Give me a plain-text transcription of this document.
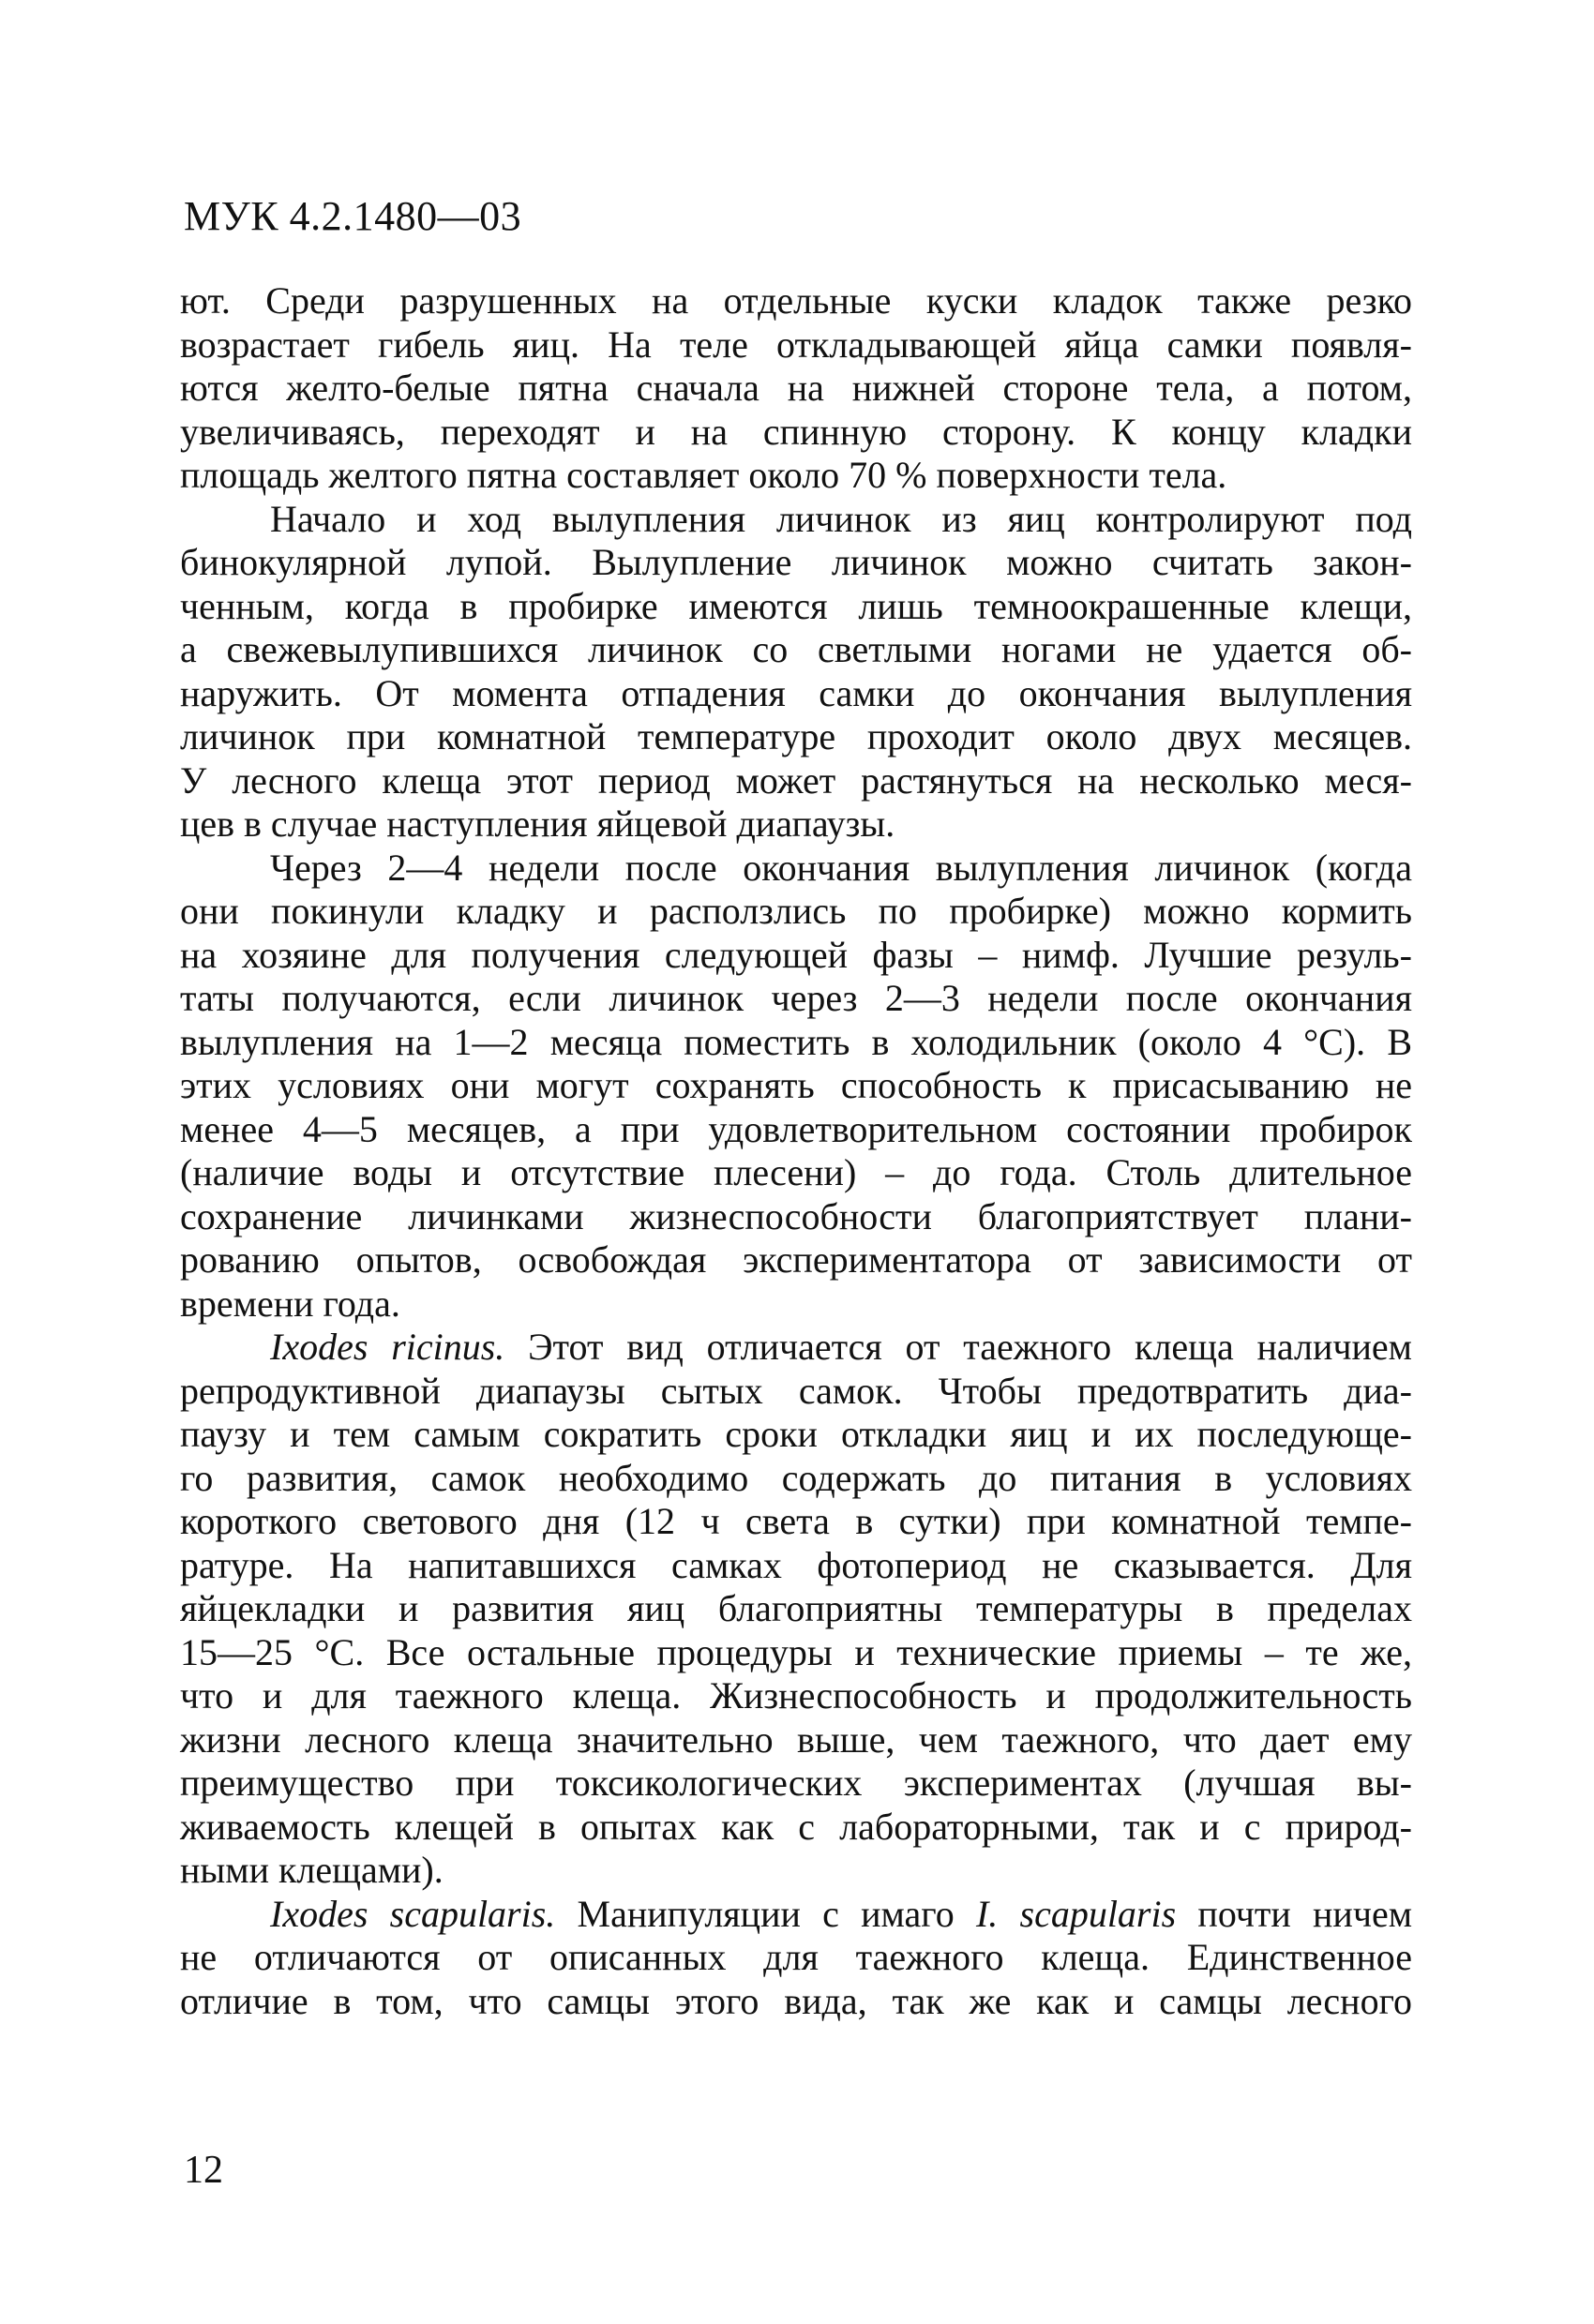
МУК 4.2.1480—03
ют. Среди разрушенных на отдельные куски кладок также резко
возрастает гибель яиц. На теле откладывающей яйца самки появля-
ются желто-белые пятна сначала на нижней стороне тела, а потом,
увеличиваясь, переходят и на спинную сторону. К концу кладки
площадь желтого пятна составляет около 70 % поверхности тела.
Начало и ход вылупления личинок из яиц контролируют под
бинокулярной лупой. Вылупление личинок можно считать закон-
ченным, когда в пробирке имеются лишь темноокрашенные клещи,
а свежевылупившихся личинок со светлыми ногами не удается об-
наружить. От момента отпадения самки до окончания вылупления
личинок при комнатной температуре проходит около двух месяцев.
У лесного клеща этот период может растянуться на несколько меся-
цев в случае наступления яйцевой диапаузы.
Через 2—4 недели после окончания вылупления личинок (когда
они покинули кладку и расползлись по пробирке) можно кормить
на хозяине для получения следующей фазы – нимф. Лучшие резуль-
таты получаются, если личинок через 2—3 недели после окончания
вылупления на 1—2 месяца поместить в холодильник (около 4 °С). В
этих условиях они могут сохранять способность к присасыванию не
менее 4—5 месяцев, а при удовлетворительном состоянии пробирок
(наличие воды и отсутствие плесени) – до года. Столь длительное
сохранение личинками жизнеспособности благоприятствует плани-
рованию опытов, освобождая экспериментатора от зависимости от
времени года.
Ixodes ricinus. Этот вид отличается от таежного клеща наличием
репродуктивной диапаузы сытых самок. Чтобы предотвратить диа-
паузу и тем самым сократить сроки откладки яиц и их последующе-
го развития, самок необходимо содержать до питания в условиях
короткого светового дня (12 ч света в сутки) при комнатной темпе-
ратуре. На напитавшихся самках фотопериод не сказывается. Для
яйцекладки и развития яиц благоприятны температуры в пределах
15—25 °С. Все остальные процедуры и технические приемы – те же,
что и для таежного клеща. Жизнеспособность и продолжительность
жизни лесного клеща значительно выше, чем таежного, что дает ему
преимущество при токсикологических экспериментах (лучшая вы-
живаемость клещей в опытах как с лабораторными, так и с природ-
ными клещами).
Ixodes scapularis. Манипуляции с имаго I. scapularis почти ничем
не отличаются от описанных для таежного клеща. Единственное
отличие в том, что самцы этого вида, так же как и самцы лесного
12
